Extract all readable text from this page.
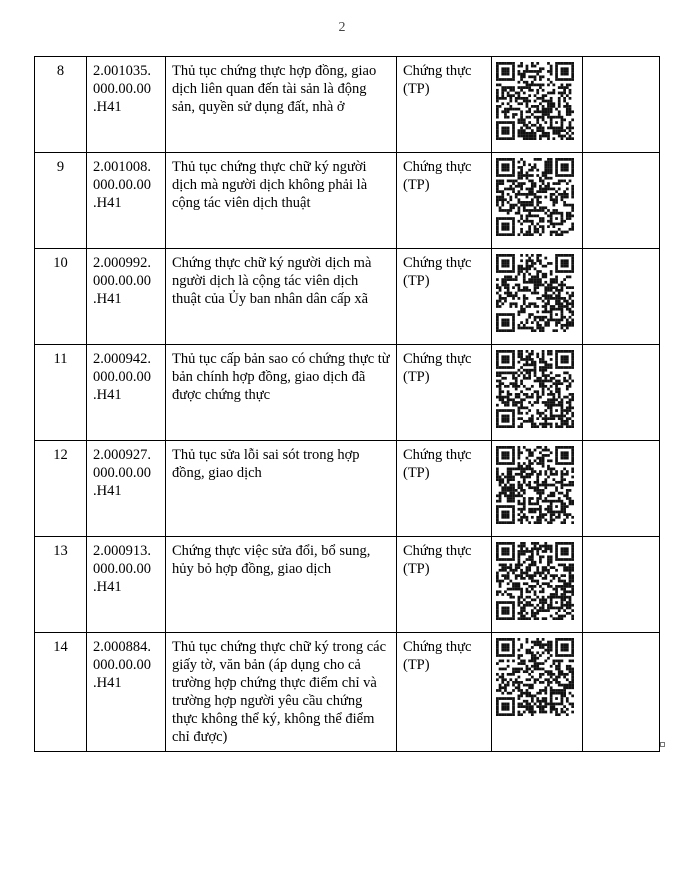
2
8	2.001035.
000.00.00
.H41	Thủ tục chứng thực hợp đồng, giao dịch liên quan đến tài sản là động sản, quyền sử dụng đất, nhà ở	Chứng thực (TP)	

9	2.001008.
000.00.00
.H41	Thủ tục chứng thực chữ ký người dịch mà người dịch không phải là cộng tác viên dịch thuật	Chứng thực (TP)	

10	2.000992.
000.00.00
.H41	Chứng thực chữ ký người dịch mà người dịch là cộng tác viên dịch thuật của Ủy ban nhân dân cấp xã	Chứng thực (TP)	

11	2.000942.
000.00.00
.H41	Thủ tục cấp bản sao có chứng thực từ bản chính hợp đồng, giao dịch đã được chứng thực	Chứng thực (TP)	

12	2.000927.
000.00.00
.H41	Thủ tục sửa lỗi sai sót trong hợp đồng, giao dịch	Chứng thực (TP)	

13	2.000913.
000.00.00
.H41	Chứng thực việc sửa đổi, bổ sung, hủy bỏ hợp đồng, giao dịch	Chứng thực (TP)	

14	2.000884.
000.00.00
.H41	Thủ tục chứng thực chữ ký trong các giấy tờ, văn bản (áp dụng cho cả trường hợp chứng thực điểm chỉ và trường hợp người yêu cầu chứng thực không thể ký, không thể điểm chỉ được)	Chứng thực (TP)	
